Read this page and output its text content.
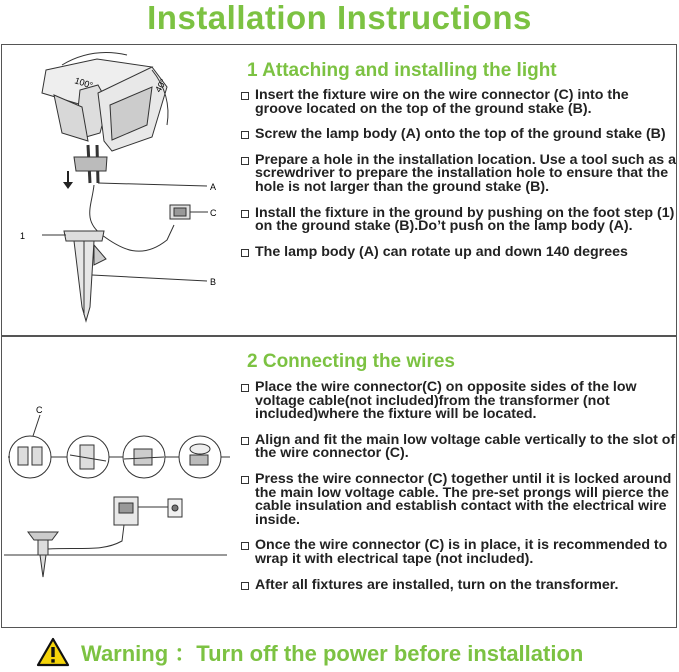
Installation Instructions
100°	40°
C
A
1
B
1 Attaching and installing the light
Insert the fixture wire on the wire connector (C) into the groove located on the top of the ground stake (B).
Screw the lamp body (A) onto the top of the ground stake (B)
Prepare a hole in the installation location. Use a tool such as a screwdriver to prepare the installation hole to ensure that the hole is not larger than the ground stake (B).
Install the fixture in the ground by pushing on the foot step (1) on the ground stake (B).Do’t push on the lamp body (A).
The lamp body (A) can rotate up and down 140 degrees
C
2 Connecting the wires
Place the wire connector(C) on opposite sides of the low voltage cable(not included)from the transformer (not included)where the fixture will be located.
Align and fit the main low voltage cable vertically to the slot of the wire connector (C).
Press the wire connector (C) together until it is locked around the main low voltage cable. The pre-set prongs will pierce the cable insulation and establish contact with the electrical wire inside.
Once the wire connector (C) is in place, it is recommended to wrap it with electrical tape (not included).
After all fixtures are installed, turn on the transformer.
Warning ：Turn off the power before installation
